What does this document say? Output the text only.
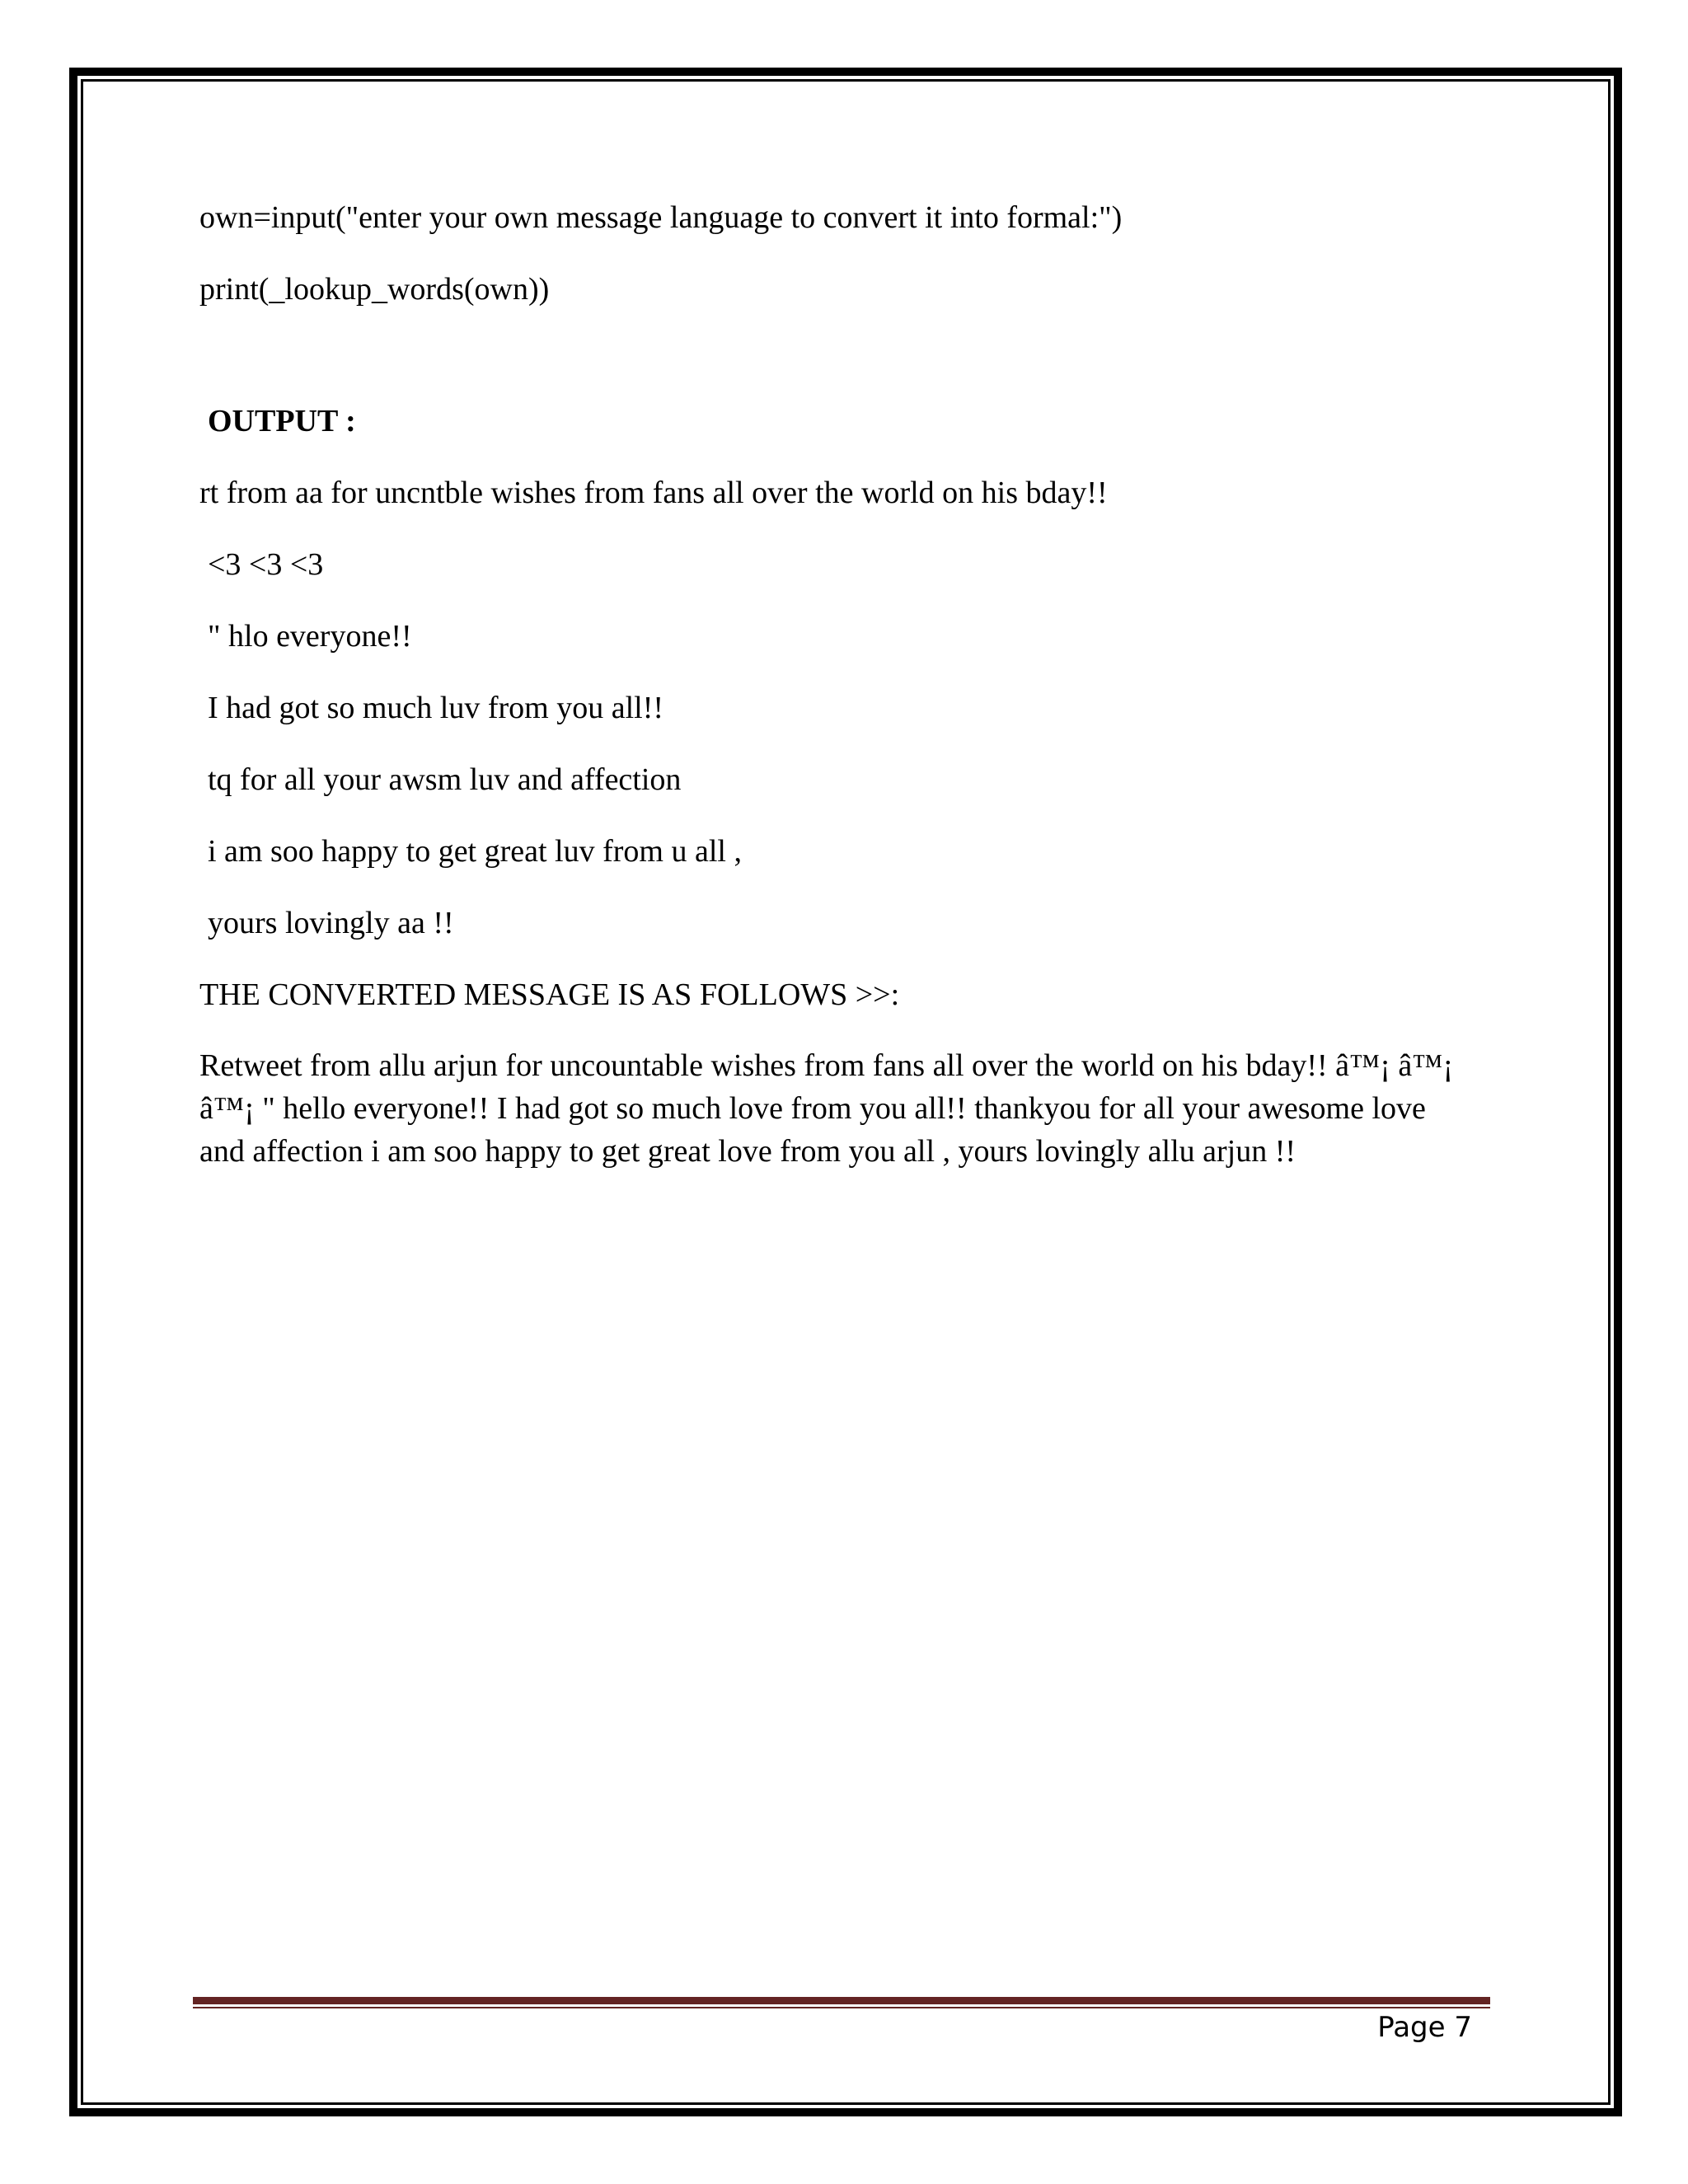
own=input("enter your own message language to convert it into formal:")

print(_lookup_words(own))

OUTPUT :

rt from aa for uncntble wishes from fans all over the world on his bday!!

<3 <3 <3

" hlo everyone!!

I had got so much luv from you all!!

tq for all your awsm luv and affection

i am soo happy to get great luv from u all ,

yours lovingly aa !!

THE CONVERTED MESSAGE IS AS FOLLOWS >>:

Retweet from allu arjun for uncountable wishes from fans all over the world on his bday!! â™¡ â™¡ â™¡ " hello everyone!! I had got so much love from you all!! thankyou for all your awesome love and affection i am soo happy to get great love from you all , yours lovingly allu arjun !!

Page 7
